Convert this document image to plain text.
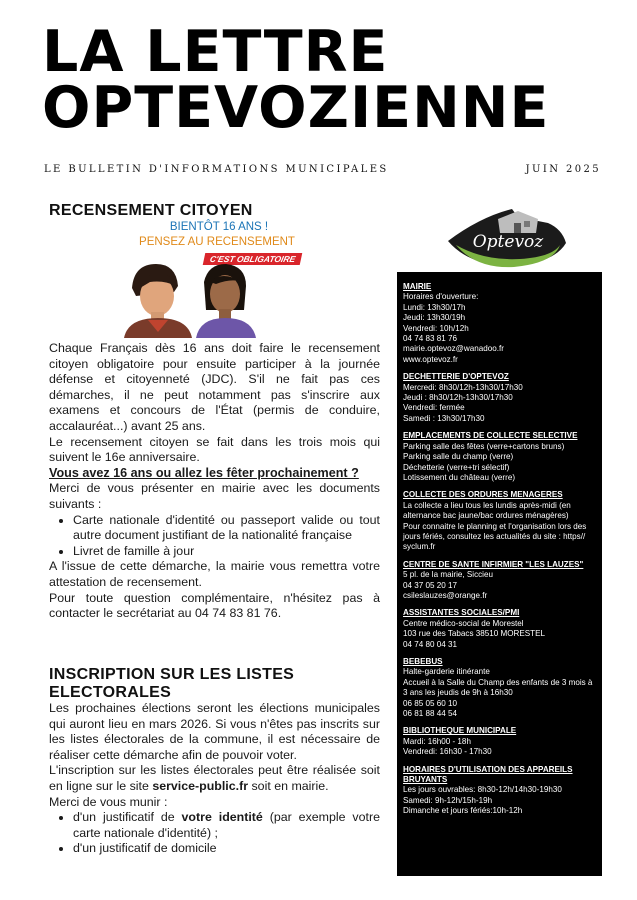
LA LETTRE
OPTEVOZIENNE
LE BULLETIN D'INFORMATIONS MUNICIPALES	JUIN 2025
RECENSEMENT CITOYEN
BIENTÔT 16 ANS !
PENSEZ AU RECENSEMENT
C'EST OBLIGATOIRE

Chaque Français dès 16 ans doit faire le recensement citoyen obligatoire pour ensuite participer à la journée défense et citoyenneté (JDC). S'il ne fait pas ces démarches, il ne peut notamment pas s'inscrire aux examens et concours de l'État (permis de conduire, accalauréat...) avant 25 ans.

Le recensement citoyen se fait dans les trois mois qui suivent le 16e anniversaire.

Vous avez 16 ans ou allez les fêter prochainement ?

Merci de vous présenter en mairie avec les documents suivants :

• Carte nationale d'identité ou passeport valide ou tout autre document justifiant de la nationalité française
• Livret de famille à jour

A l'issue de cette démarche, la mairie vous remettra votre attestation de recensement.

Pour toute question complémentaire, n'hésitez pas à contacter le secrétariat au 04 74 83 81 76.

INSCRIPTION SUR LES LISTES
ELECTORALES

Les prochaines élections seront les élections municipales qui auront lieu en mars 2026. Si vous n'êtes pas inscrits sur les listes électorales de la commune, il est nécessaire de réaliser cette démarche afin de pouvoir voter.

L'inscription sur les listes électorales peut être réalisée soit en ligne sur le site service-public.fr soit en mairie.

Merci de vous munir :

• d'un justificatif de votre identité (par exemple votre carte nationale d'identité) ;
• d'un justificatif de domicile
Optevoz
MAIRIE
Horaires d'ouverture:
Lundi: 13h30/17h
Jeudi: 13h30/19h
Vendredi: 10h/12h
04 74 83 81 76
mairie.optevoz@wanadoo.fr
www.optevoz.fr
DECHETTERIE D'OPTEVOZ
Mercredi: 8h30/12h-13h30/17h30
Jeudi : 8h30/12h-13h30/17h30
Vendredi: fermée
Samedi : 13h30/17h30
EMPLACEMENTS DE COLLECTE SELECTIVE
Parking salle des fêtes (verre+cartons bruns)
Parking salle du champ (verre)
Déchetterie (verre+tri sélectif)
Lotissement du château (verre)
COLLECTE DES ORDURES MENAGERES
La collecte a lieu tous les lundis après-midi (en alternance bac jaune/bac ordures ménagères)
Pour connaitre le planning et l'organisation lors des jours fériés, consultez les actualités du site : https// syclum.fr
CENTRE DE SANTE INFIRMIER "LES LAUZES"
5 pl. de la mairie, Siccieu
04 37 05 20 17
csileslauzes@orange.fr
ASSISTANTES SOCIALES/PMI
Centre médico-social de Morestel
103 rue des Tabacs 38510 MORESTEL
04 74 80 04 31
BEBEBUS
Halte-garderie itinérante
Accueil à la Salle du Champ des enfants de 3 mois à 3 ans les jeudis de 9h à 16h30
06 85 05 60 10
06 81 88 44 54
BIBLIOTHEQUE MUNICIPALE
Mardi: 16h00 - 18h
Vendredi: 16h30 - 17h30
HORAIRES D'UTILISATION DES APPAREILS BRUYANTS
Les jours ouvrables: 8h30-12h/14h30-19h30
Samedi: 9h-12h/15h-19h
Dimanche et jours fériés:10h-12h
